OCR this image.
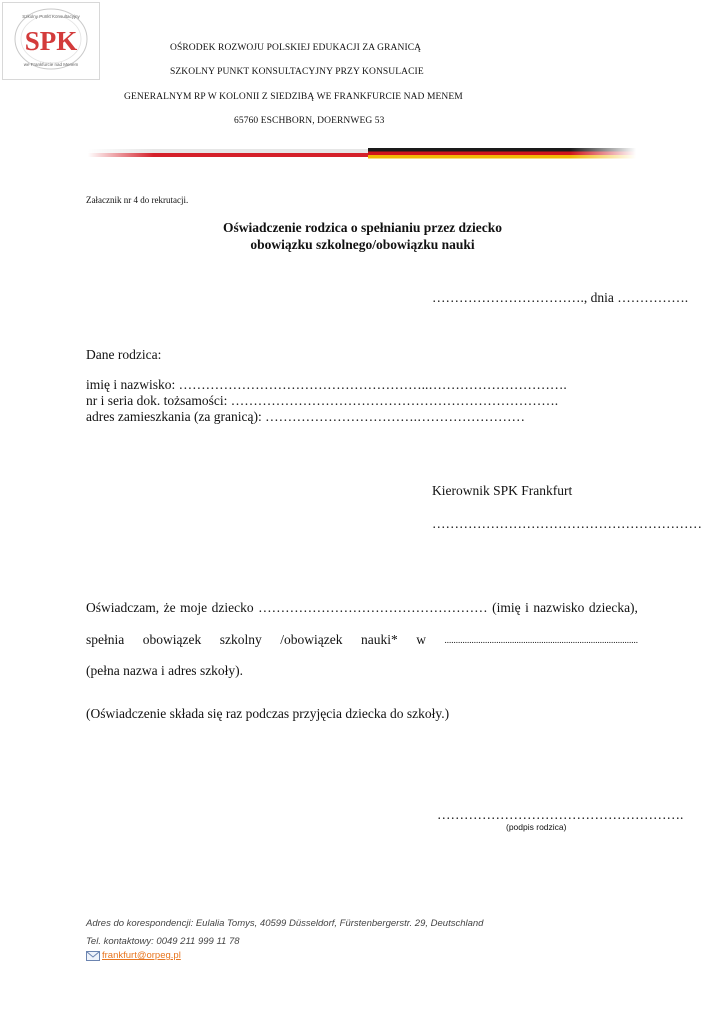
SPK
Szkolny Punkt Konsultacyjny
we Frankfurcie nad Menem
OŚRODEK ROZWOJU POLSKIEJ EDUKACJI ZA GRANICĄ
SZKOLNY PUNKT KONSULTACYJNY PRZY KONSULACIE
GENERALNYM RP W KOLONII Z SIEDZIBĄ WE FRANKFURCIE NAD MENEM
65760 ESCHBORN, DOERNWEG 53
Załacznik nr 4 do rekrutacji.
Oświadczenie rodzica o spełnianiu przez dziecko
obowiązku szkolnego/obowiązku nauki
……………………………., dnia …………….
Dane rodzica:
imię i nazwisko: ………………………………………………..………………………….
nr i seria dok. tożsamości: ……………………………………………………………….
adres zamieszkania (za granicą): …………………………….……………………
Kierownik SPK Frankfurt
……………………………………………………
Oświadczam, że moje dziecko …………………………………………… (imię i nazwisko dziecka),
spełnia obowiązek szkolny /obowiązek nauki* w ......................................................................................
(pełna nazwa i adres szkoły).
(Oświadczenie składa się raz podczas przyjęcia dziecka do szkoły.)
……………………………………………….
(podpis rodzica)
Adres do korespondencji: Eulalia Tomys, 40599 Düsseldorf, Fürstenbergerstr. 29, Deutschland
Tel. kontaktowy: 0049 211 999 11 78
frankfurt@orpeg.pl
